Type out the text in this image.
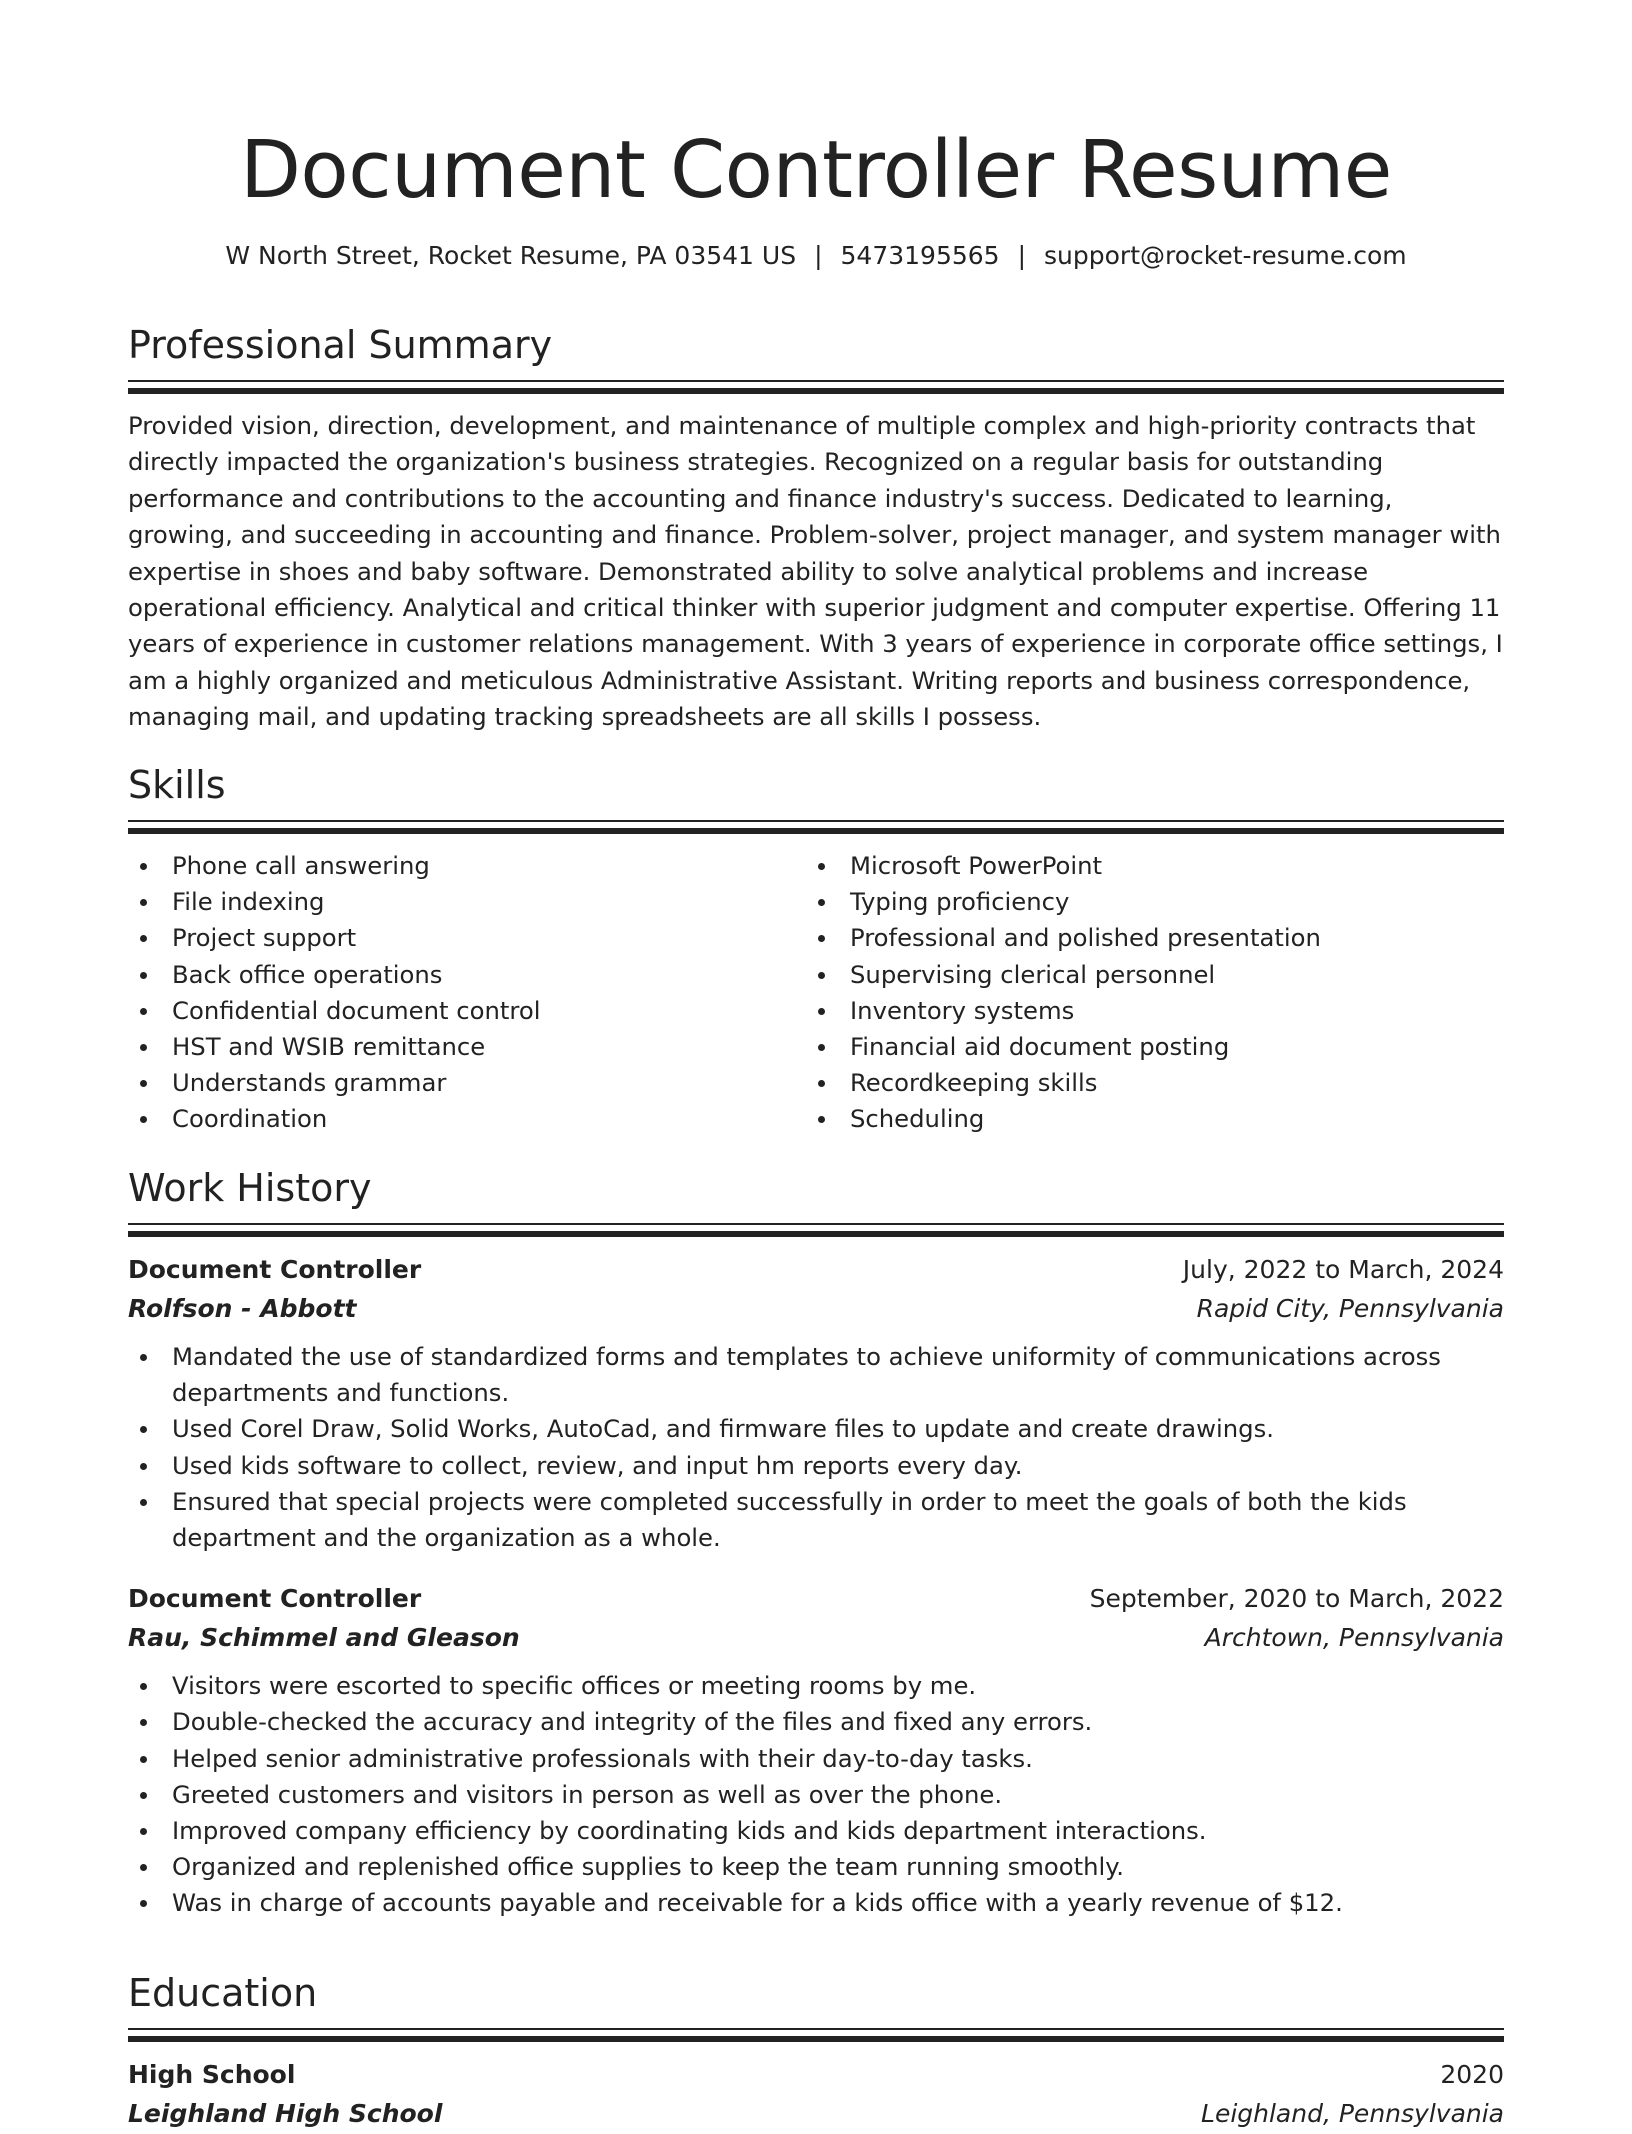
Document Controller Resume
W North Street, Rocket Resume, PA 03541 US | 5473195565 | support@rocket-resume.com
Professional Summary

Provided vision, direction, development, and maintenance of multiple complex and high-priority contracts that directly impacted the organization's business strategies. Recognized on a regular basis for outstanding performance and contributions to the accounting and finance industry's success. Dedicated to learning, growing, and succeeding in accounting and finance. Problem-solver, project manager, and system manager with expertise in shoes and baby software. Demonstrated ability to solve analytical problems and increase operational efficiency. Analytical and critical thinker with superior judgment and computer expertise. Offering 11 years of experience in customer relations management. With 3 years of experience in corporate office settings, I am a highly organized and meticulous Administrative Assistant. Writing reports and business correspondence, managing mail, and updating tracking spreadsheets are all skills I possess.

Skills
Phone call answering
File indexing
Project support
Back office operations
Confidential document control
HST and WSIB remittance
Understands grammar
Coordination
Microsoft PowerPoint
Typing proficiency
Professional and polished presentation
Supervising clerical personnel
Inventory systems
Financial aid document posting
Recordkeeping skills
Scheduling
Work History
Document Controller	July, 2022 to March, 2024
Rolfson - Abbott	Rapid City, Pennsylvania
Mandated the use of standardized forms and templates to achieve uniformity of communications across departments and functions.
Used Corel Draw, Solid Works, AutoCad, and firmware files to update and create drawings.
Used kids software to collect, review, and input hm reports every day.
Ensured that special projects were completed successfully in order to meet the goals of both the kids department and the organization as a whole.
Document Controller	September, 2020 to March, 2022
Rau, Schimmel and Gleason	Archtown, Pennsylvania
Visitors were escorted to specific offices or meeting rooms by me.
Double-checked the accuracy and integrity of the files and fixed any errors.
Helped senior administrative professionals with their day-to-day tasks.
Greeted customers and visitors in person as well as over the phone.
Improved company efficiency by coordinating kids and kids department interactions.
Organized and replenished office supplies to keep the team running smoothly.
Was in charge of accounts payable and receivable for a kids office with a yearly revenue of $12.
Education
High School	2020
Leighland High School	Leighland, Pennsylvania
